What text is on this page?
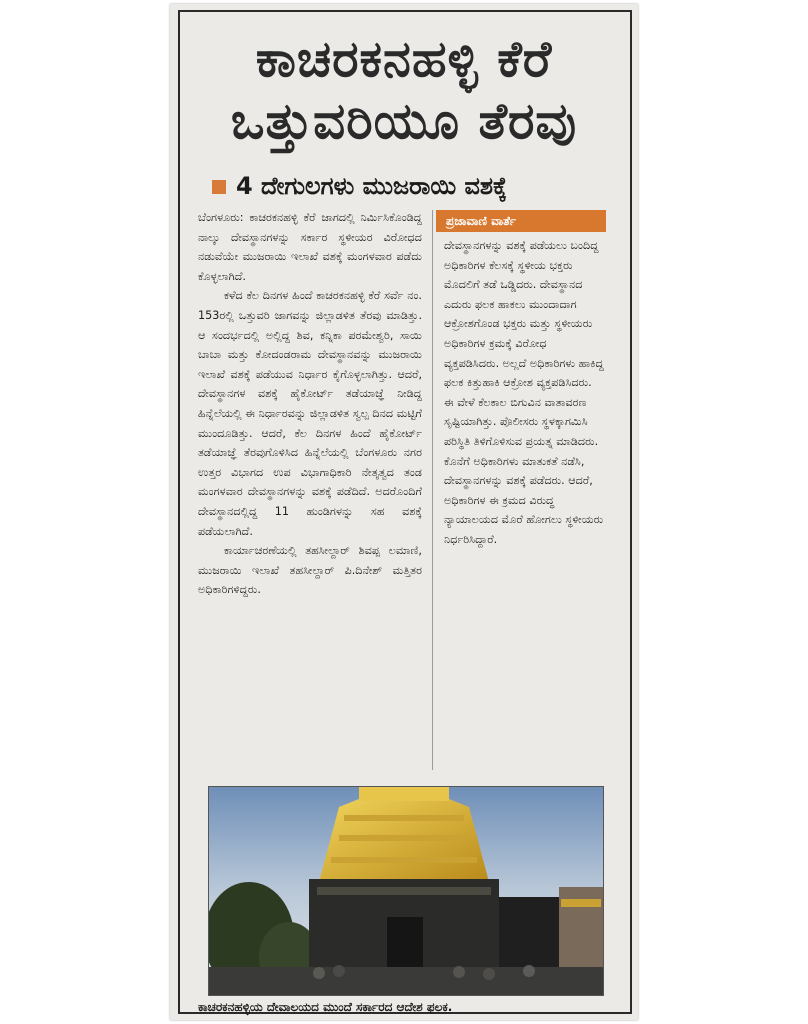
ಕಾಚರಕನಹಳ್ಳಿ ಕೆರೆ
ಒತ್ತುವರಿಯೂ ತೆರವು
4 ದೇಗುಲಗಳು ಮುಜರಾಯಿ ವಶಕ್ಕೆ

ಬೆಂಗಳೂರು: ಕಾಚರಕನಹಳ್ಳಿ ಕೆರೆ ಜಾಗದಲ್ಲಿ ನಿರ್ಮಿಸಿಕೊಂಡಿದ್ದ ನಾಲ್ಕು ದೇವಸ್ಥಾನಗಳನ್ನು ಸರ್ಕಾರ ಸ್ಥಳೀಯರ ವಿರೋಧದ ನಡುವೆಯೇ ಮುಜರಾಯಿ ಇಲಾಖೆ ವಶಕ್ಕೆ ಮಂಗಳವಾರ ಪಡೆದು ಕೊಳ್ಳಲಾಗಿದೆ.

ಕಳೆದ ಕೆಲ ದಿನಗಳ ಹಿಂದೆ ಕಾಚರಕನಹಳ್ಳಿ ಕೆರೆ ಸರ್ವೆ ನಂ. 153ರಲ್ಲಿ ಒತ್ತುವರಿ ಜಾಗವನ್ನು ಜಿಲ್ಲಾಡಳಿತ ತೆರವು ಮಾಡಿತ್ತು. ಆ ಸಂದರ್ಭದಲ್ಲಿ ಅಲ್ಲಿದ್ದ ಶಿವ, ಕನ್ನಿಕಾ ಪರಮೇಶ್ವರಿ, ಸಾಯಿ ಬಾಬಾ ಮತ್ತು ಕೋದಂಡರಾಮ ದೇವಸ್ಥಾನವನ್ನು ಮುಜರಾಯಿ ಇಲಾಖೆ ವಶಕ್ಕೆ ಪಡೆಯುವ ನಿರ್ಧಾರ ಕೈಗೊಳ್ಳಲಾಗಿತ್ತು. ಆದರೆ, ದೇವಸ್ಥಾನಗಳ ವಶಕ್ಕೆ ಹೈಕೋರ್ಟ್ ತಡೆಯಾಜ್ಞೆ ನೀಡಿದ್ದ ಹಿನ್ನೆಲೆಯಲ್ಲಿ ಈ ನಿರ್ಧಾರವನ್ನು ಜಿಲ್ಲಾಡಳಿತ ಸ್ವಲ್ಪ ದಿನದ ಮಟ್ಟಿಗೆ ಮುಂದೂಡಿತ್ತು. ಆದರೆ, ಕೆಲ ದಿನಗಳ ಹಿಂದೆ ಹೈಕೋರ್ಟ್ ತಡೆಯಾಜ್ಞೆ ತೆರವುಗೊಳಿಸಿದ ಹಿನ್ನೆಲೆಯಲ್ಲಿ ಬೆಂಗಳೂರು ನಗರ ಉತ್ತರ ವಿಭಾಗದ ಉಪ ವಿಭಾಗಾಧಿಕಾರಿ ನೇತೃತ್ವದ ತಂಡ ಮಂಗಳವಾರ ದೇವಸ್ಥಾನಗಳನ್ನು ವಶಕ್ಕೆ ಪಡೆದಿದೆ. ಅದರೊಂದಿಗೆ ದೇವಸ್ಥಾನದಲ್ಲಿದ್ದ 11 ಹುಂಡಿಗಳನ್ನು ಸಹ ವಶಕ್ಕೆ ಪಡೆಯಲಾಗಿದೆ.

ಕಾರ್ಯಾಚರಣೆಯಲ್ಲಿ ತಹಸೀಲ್ದಾರ್ ಶಿವಪ್ಪ ಲಮಾಣಿ, ಮುಜರಾಯಿ ಇಲಾಖೆ ತಹಸೀಲ್ದಾರ್ ಪಿ.ದಿನೇಶ್ ಮತ್ತಿತರ ಅಧಿಕಾರಿಗಳಿದ್ದರು.

ಪ್ರಜಾವಾಣಿ ವಾರ್ತೆ

ದೇವಸ್ಥಾನಗಳನ್ನು ವಶಕ್ಕೆ ಪಡೆಯಲು ಬಂದಿದ್ದ ಅಧಿಕಾರಿಗಳ ಕೆಲಸಕ್ಕೆ ಸ್ಥಳೀಯ ಭಕ್ತರು ಮೊದಲಿಗೆ ತಡೆ ಒಡ್ಡಿದರು. ದೇವಸ್ಥಾನದ ಎದುರು ಫಲಕ ಹಾಕಲು ಮುಂದಾದಾಗ ಆಕ್ರೋಶಗೊಂಡ ಭಕ್ತರು ಮತ್ತು ಸ್ಥಳೀಯರು ಅಧಿಕಾರಿಗಳ ಕ್ರಮಕ್ಕೆ ವಿರೋಧ ವ್ಯಕ್ತಪಡಿಸಿದರು. ಅಲ್ಲದೆ ಅಧಿಕಾರಿಗಳು ಹಾಕಿದ್ದ ಫಲಕ ಕಿತ್ತುಹಾಕಿ ಆಕ್ರೋಶ ವ್ಯಕ್ತಪಡಿಸಿದರು. ಈ ವೇಳೆ ಕೆಲಕಾಲ ಬಿಗುವಿನ ವಾತಾವರಣ ಸೃಷ್ಟಿಯಾಗಿತ್ತು. ಪೊಲೀಸರು ಸ್ಥಳಕ್ಕಾಗಮಿಸಿ ಪರಿಸ್ಥಿತಿ ತಿಳಿಗೊಳಿಸುವ ಪ್ರಯತ್ನ ಮಾಡಿದರು. ಕೊನೆಗೆ ಅಧಿಕಾರಿಗಳು ಮಾತುಕತೆ ನಡೆಸಿ, ದೇವಸ್ಥಾನಗಳನ್ನು ವಶಕ್ಕೆ ಪಡೆದರು. ಆದರೆ, ಅಧಿಕಾರಿಗಳ ಈ ಕ್ರಮದ ವಿರುದ್ಧ ನ್ಯಾಯಾಲಯದ ಮೊರೆ ಹೋಗಲು ಸ್ಥಳೀಯರು ನಿರ್ಧರಿಸಿದ್ದಾರೆ.

ಕಾಚರಕನಹಳ್ಳಿಯ ದೇವಾಲಯದ ಮುಂದೆ ಸರ್ಕಾರದ ಆದೇಶ ಫಲಕ.
